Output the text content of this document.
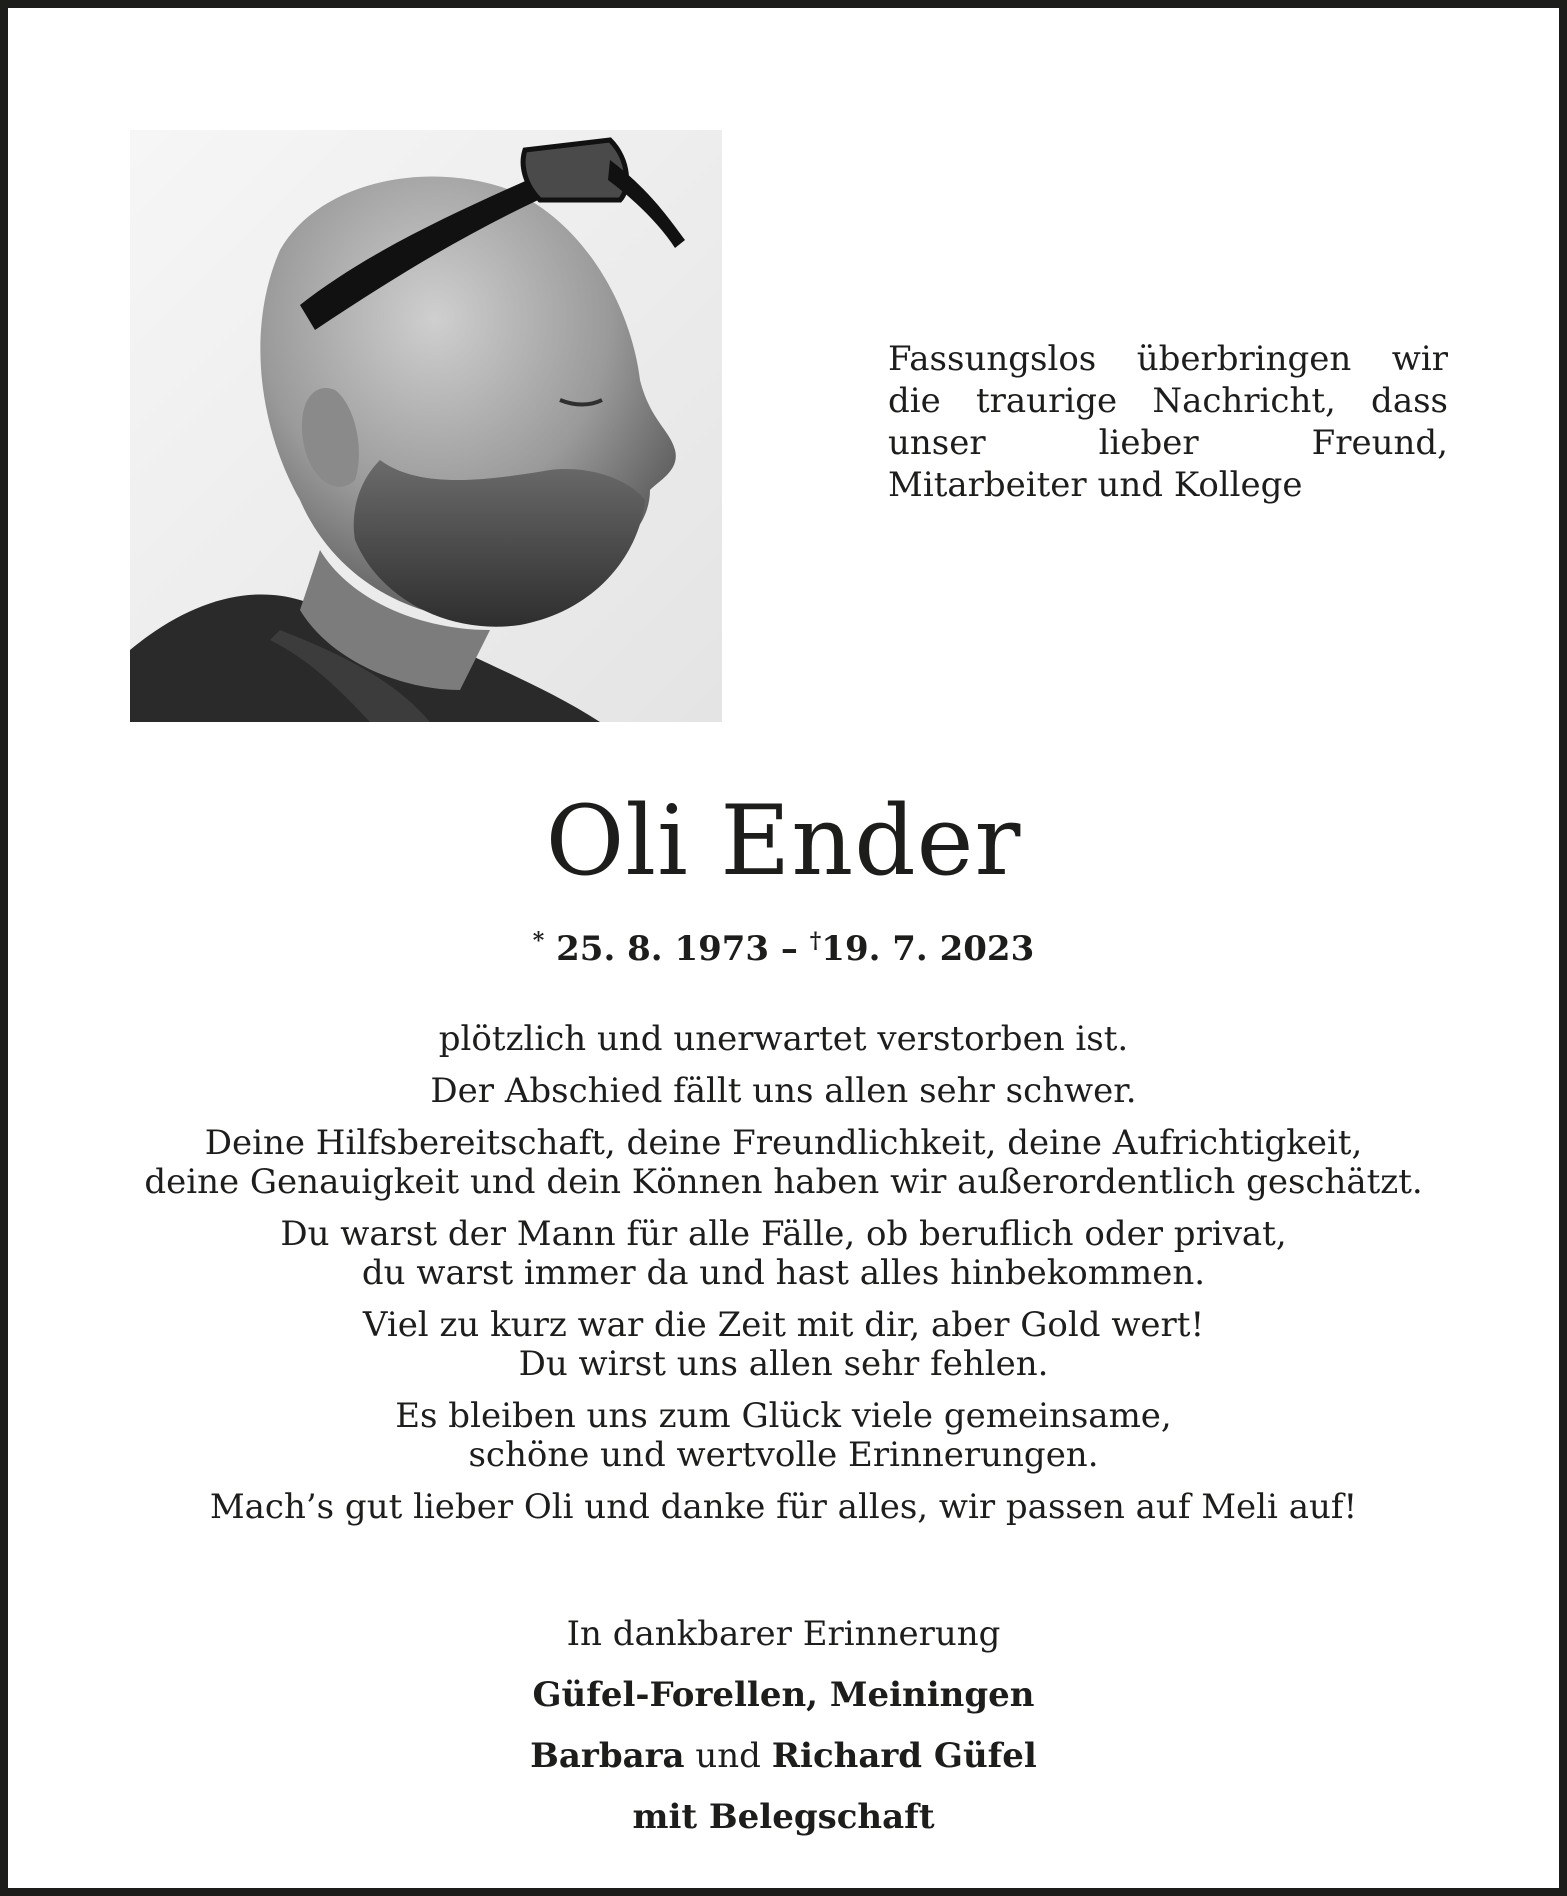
Fassungslos überbringen wir die traurige Nachricht, dass unser lieber Freund, Mitarbeiter und Kollege
Oli Ender
* 25. 8. 1973 – †19. 7. 2023
plötzlich und unerwartet verstorben ist.
Der Abschied fällt uns allen sehr schwer.
Deine Hilfsbereitschaft, deine Freundlichkeit, deine Aufrichtigkeit,
deine Genauigkeit und dein Können haben wir außerordentlich geschätzt.
Du warst der Mann für alle Fälle, ob beruflich oder privat,
du warst immer da und hast alles hinbekommen.
Viel zu kurz war die Zeit mit dir, aber Gold wert!
Du wirst uns allen sehr fehlen.
Es bleiben uns zum Glück viele gemeinsame,
schöne und wertvolle Erinnerungen.
Mach’s gut lieber Oli und danke für alles, wir passen auf Meli auf!
In dankbarer Erinnerung
Güfel-Forellen, Meiningen
Barbara und Richard Güfel
mit Belegschaft
